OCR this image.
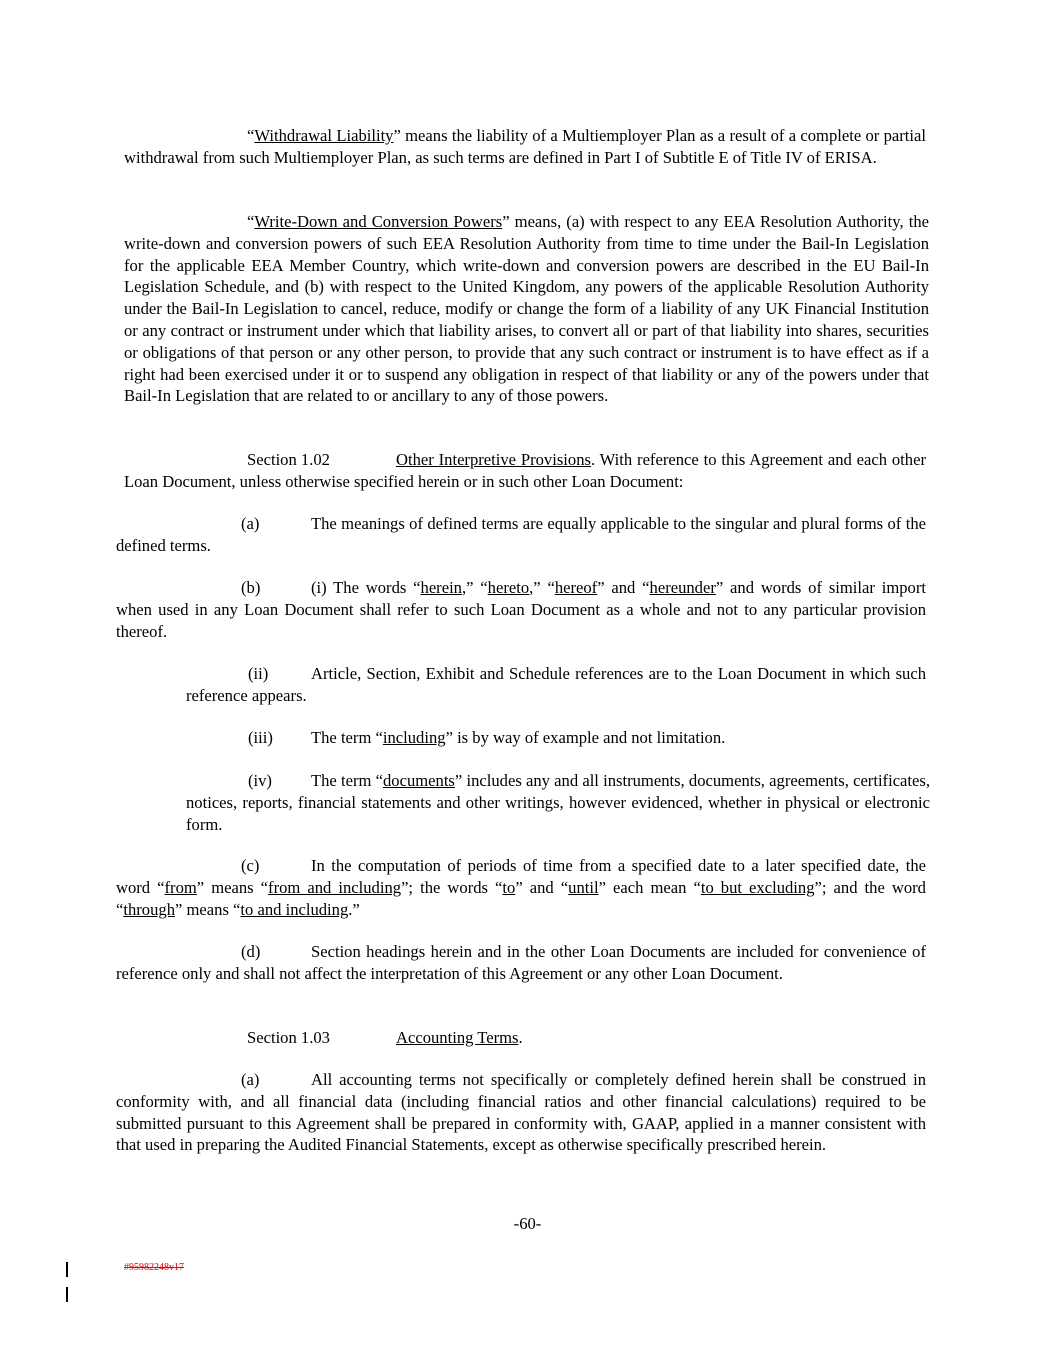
“Withdrawal Liability” means the liability of a Multiemployer Plan as a result of a complete or partial withdrawal from such Multiemployer Plan, as such terms are defined in Part I of Subtitle E of Title IV of ERISA.

“Write-Down and Conversion Powers” means, (a) with respect to any EEA Resolution Authority, the write-down and conversion powers of such EEA Resolution Authority from time to time under the Bail-In Legislation for the applicable EEA Member Country, which write-down and conversion powers are described in the EU Bail-In Legislation Schedule, and (b) with respect to the United Kingdom, any powers of the applicable Resolution Authority under the Bail-In Legislation to cancel, reduce, modify or change the form of a liability of any UK Financial Institution or any contract or instrument under which that liability arises, to convert all or part of that liability into shares, securities or obligations of that person or any other person, to provide that any such contract or instrument is to have effect as if a right had been exercised under it or to suspend any obligation in respect of that liability or any of the powers under that Bail-In Legislation that are related to or ancillary to any of those powers.

Section 1.02	Other Interpretive Provisions. With reference to this Agreement and each other Loan Document, unless otherwise specified herein or in such other Loan Document:

(a)	The meanings of defined terms are equally applicable to the singular and plural forms of the defined terms.

(b)	(i) The words “herein,” “hereto,” “hereof” and “hereunder” and words of similar import when used in any Loan Document shall refer to such Loan Document as a whole and not to any particular provision thereof.

(ii)	Article, Section, Exhibit and Schedule references are to the Loan Document in which such reference appears.

(iii) The term “including” is by way of example and not limitation.

(iv) The term “documents” includes any and all instruments, documents, agreements, certificates, notices, reports, financial statements and other writings, however evidenced, whether in physical or electronic form.

(c)	In the computation of periods of time from a specified date to a later specified date, the word “from” means “from and including”; the words “to” and “until” each mean “to but excluding”; and the word “through” means “to and including.”

(d)	Section headings herein and in the other Loan Documents are included for convenience of reference only and shall not affect the interpretation of this Agreement or any other Loan Document.

Section 1.03	Accounting Terms.

(a)	All accounting terms not specifically or completely defined herein shall be construed in conformity with, and all financial data (including financial ratios and other financial calculations) required to be submitted pursuant to this Agreement shall be prepared in conformity with, GAAP, applied in a manner consistent with that used in preparing the Audited Financial Statements, except as otherwise specifically prescribed herein.

-60-
#95982248v17
